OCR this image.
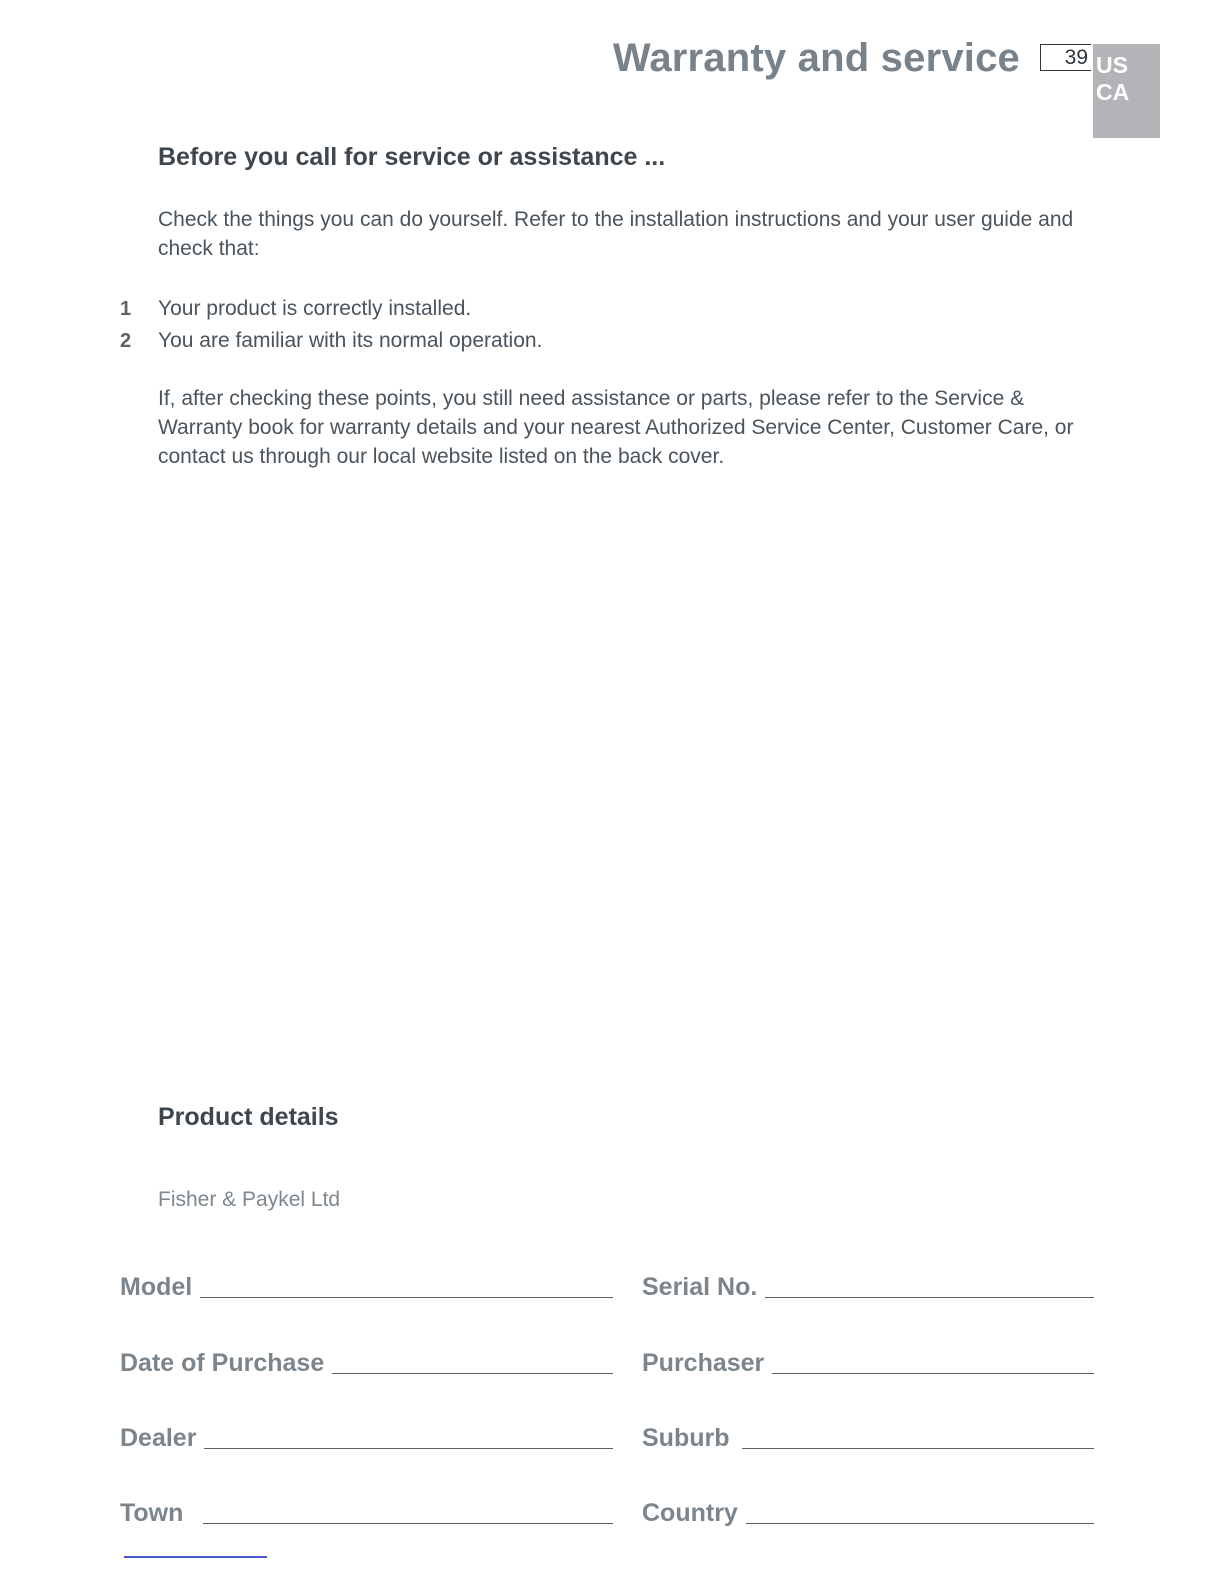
Warranty and service	39 US
CA
Before you call for service or assistance ...
Check the things you can do yourself. Refer to the installation instructions and your user guide and check that:
1 Your product is correctly installed.
2 You are familiar with its normal operation.
If, after checking these points, you still need assistance or parts, please refer to the Service & Warranty book for warranty details and your nearest Authorized Service Center, Customer Care, or contact us through our local website listed on the back cover.
Product details
Fisher & Paykel Ltd
Model	Serial No.
Date of Purchase	Purchaser
Dealer	Suburb
Town	Country
